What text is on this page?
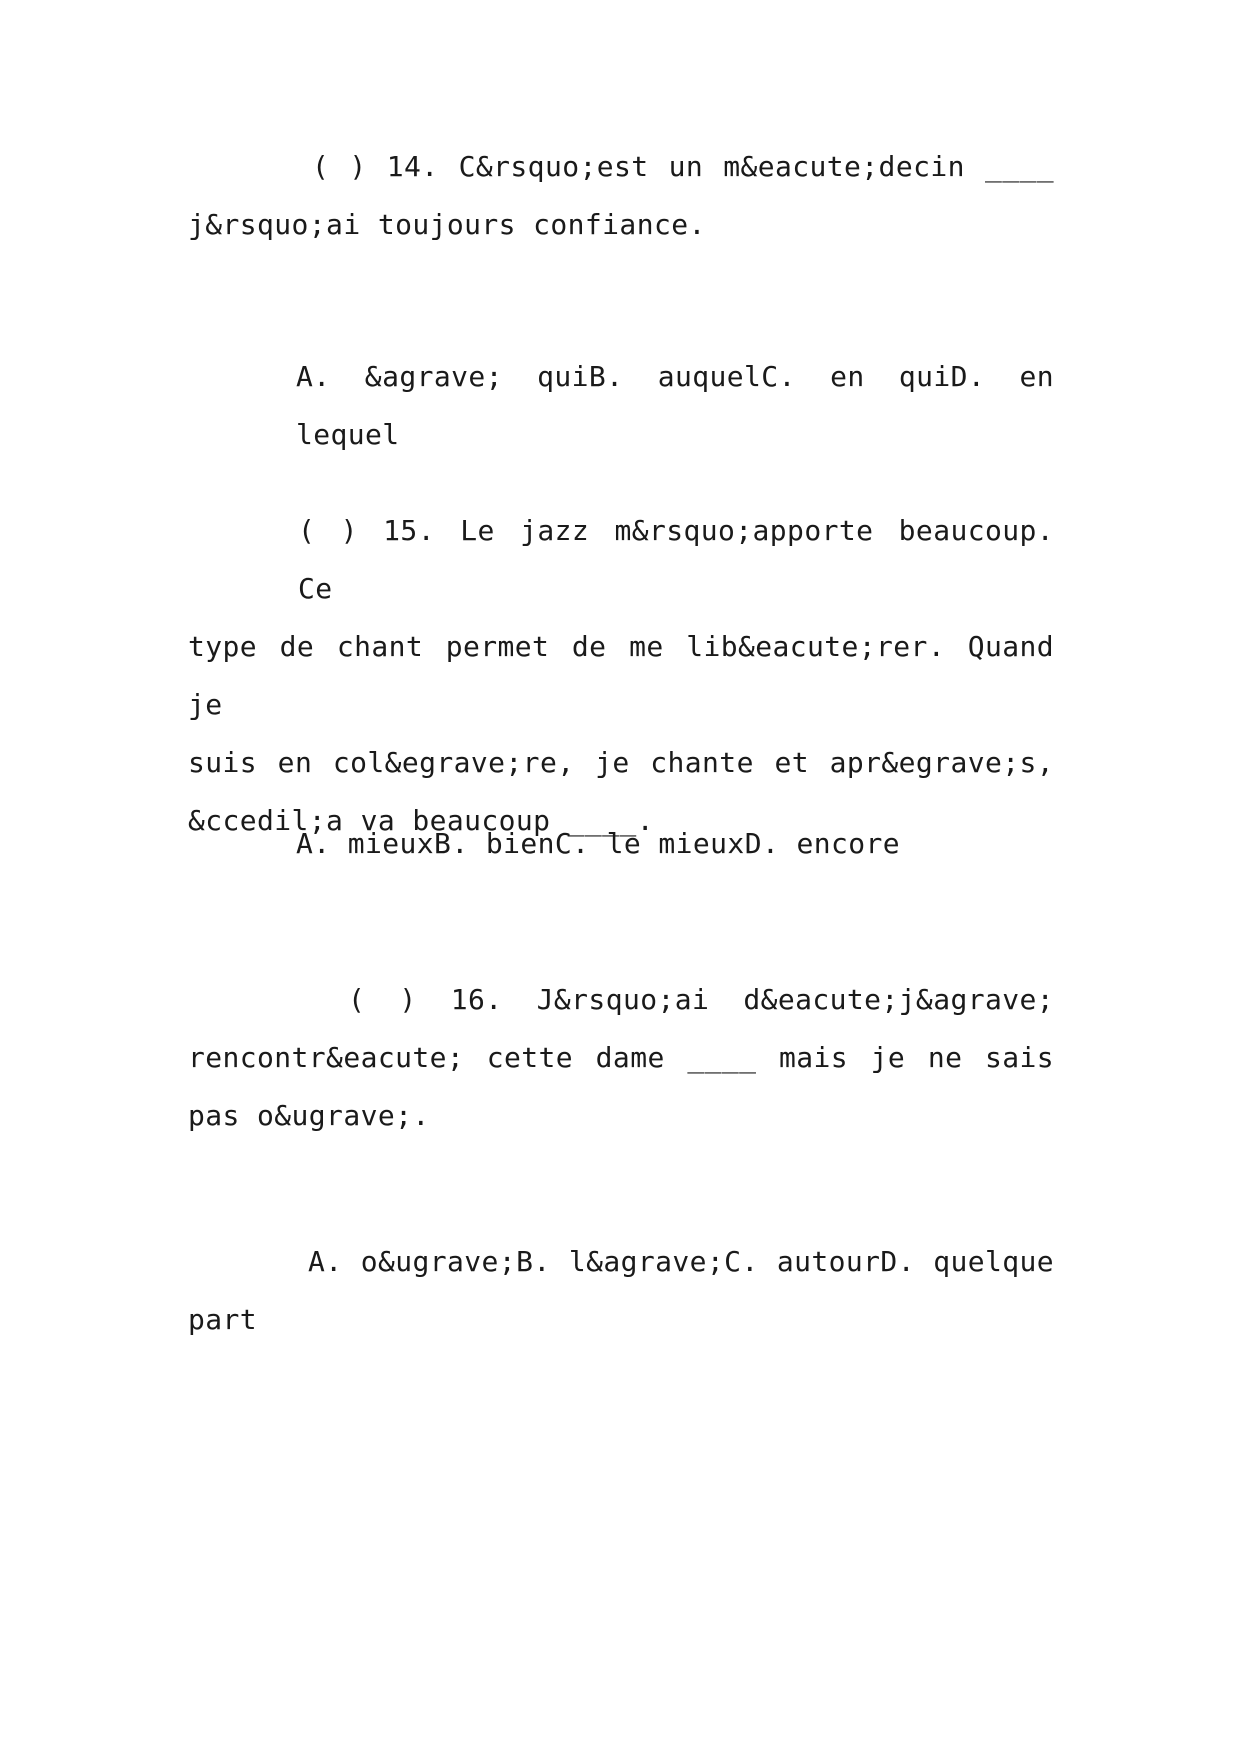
( ) 14. C&rsquo;est un m&eacute;decin ____
j&rsquo;ai toujours confiance.
A. &agrave; quiB. auquelC. en quiD. en lequel
( ) 15. Le jazz m&rsquo;apporte beaucoup. Ce
type de chant permet de me lib&eacute;rer. Quand je
suis en col&egrave;re, je chante et apr&egrave;s,
&ccedil;a va beaucoup ____.
A. mieuxB. bienC. le mieuxD. encore
( ) 16. J&rsquo;ai d&eacute;j&agrave;
rencontr&eacute; cette dame ____ mais je ne sais
pas o&ugrave;.
A. o&ugrave;B. l&agrave;C. autourD. quelque
part
